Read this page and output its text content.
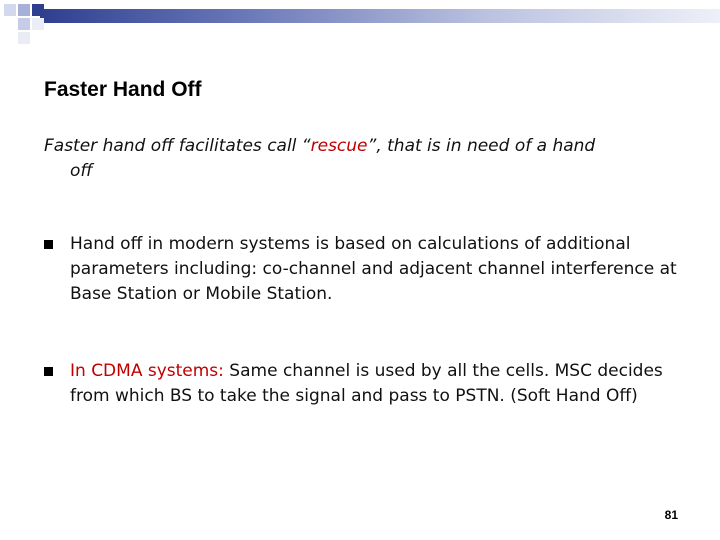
Faster Hand Off
Faster hand off facilitates call “rescue”, that is in need of a hand
off
Hand off in modern systems is based on calculations of additional parameters including: co-channel and adjacent channel interference at Base Station or Mobile Station.
In CDMA systems: Same channel is used by all the cells. MSC decides from which BS to take the signal and pass to PSTN. (Soft Hand Off)
81
